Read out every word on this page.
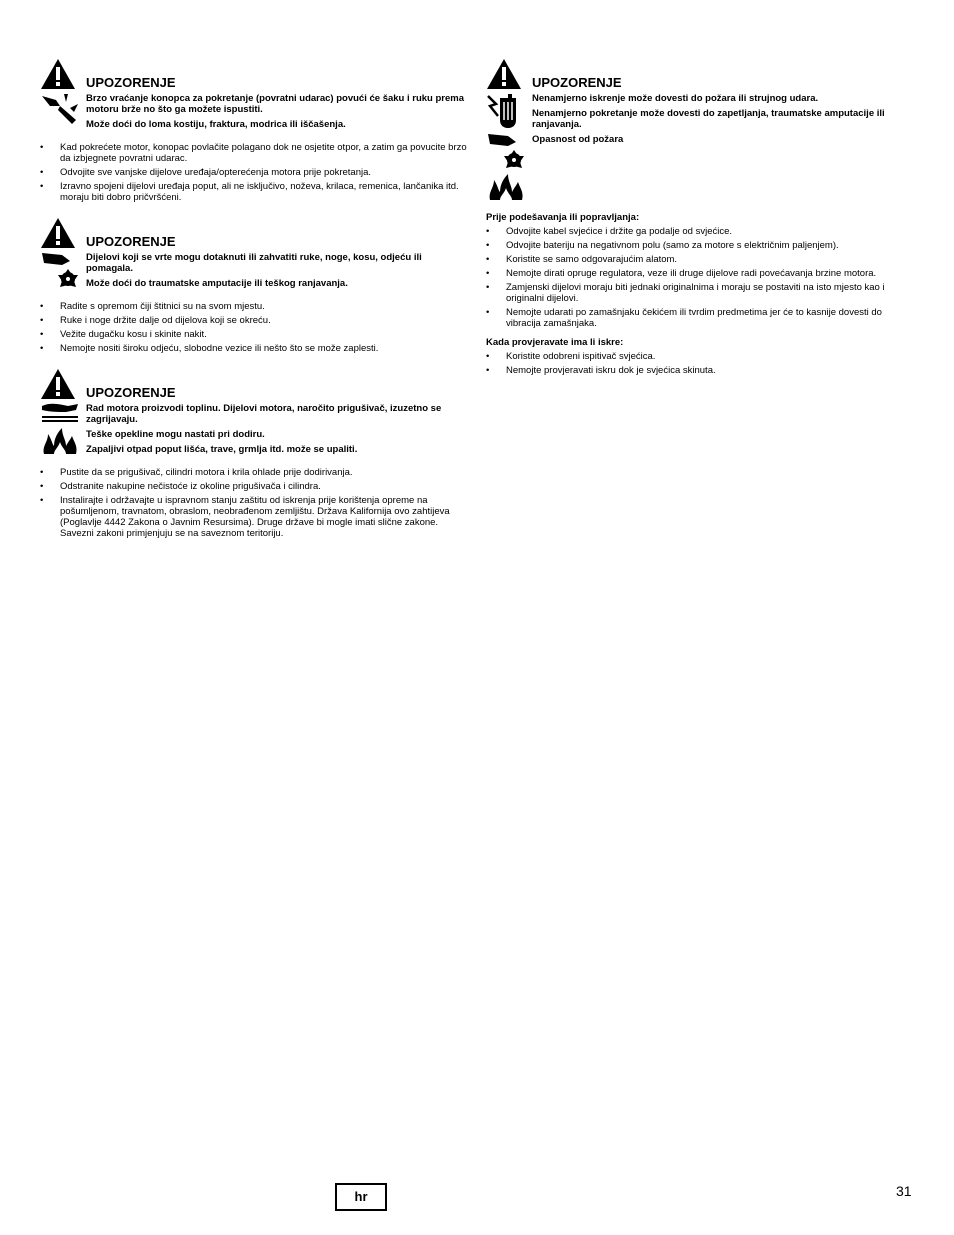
UPOZORENJE
Brzo vraćanje konopca za pokretanje (povratni udarac) povući će šaku i ruku prema motoru brže no što ga možete ispustiti.
Može doći do loma kostiju, fraktura, modrica ili iščašenja.
• Kad pokrećete motor, konopac povlačite polagano dok ne osjetite otpor, a zatim ga povucite brzo da izbjegnete povratni udarac.
• Odvojite sve vanjske dijelove uređaja/opterećenja motora prije pokretanja.
• Izravno spojeni dijelovi uređaja poput, ali ne isključivo, noževa, krilaca, remenica, lančanika itd. moraju biti dobro pričvršćeni.
UPOZORENJE
Dijelovi koji se vrte mogu dotaknuti ili zahvatiti ruke, noge, kosu, odjeću ili pomagala.
Može doći do traumatske amputacije ili teškog ranjavanja.
• Radite s opremom čiji štitnici su na svom mjestu.
• Ruke i noge držite dalje od dijelova koji se okreću.
• Vežite dugačku kosu i skinite nakit.
• Nemojte nositi široku odjeću, slobodne vezice ili nešto što se može zaplesti.
UPOZORENJE
Rad motora proizvodi toplinu. Dijelovi motora, naročito prigušivač, izuzetno se zagrijavaju.
Teške opekline mogu nastati pri dodiru.
Zapaljivi otpad poput lišća, trave, grmlja itd. može se upaliti.
• Pustite da se prigušivač, cilindri motora i krila ohlade prije dodirivanja.
• Odstranite nakupine nečistoće iz okoline prigušivača i cilindra.
• Instalirajte i održavajte u ispravnom stanju zaštitu od iskrenja prije korištenja opreme na pošumljenom, travnatom, obraslom, neobrađenom zemljištu. Država Kalifornija ovo zahtijeva (Poglavlje 4442 Zakona o Javnim Resursima). Druge države bi mogle imati slične zakone. Savezni zakoni primjenjuju se na saveznom teritoriju.
UPOZORENJE
Nenamjerno iskrenje može dovesti do požara ili strujnog udara.
Nenamjerno pokretanje može dovesti do zapetljanja, traumatske amputacije ili ranjavanja.
Opasnost od požara
Prije podešavanja ili popravljanja:
• Odvojite kabel svjećice i držite ga podalje od svjećice.
• Odvojite bateriju na negativnom polu (samo za motore s električnim paljenjem).
• Koristite se samo odgovarajućim alatom.
• Nemojte dirati opruge regulatora, veze ili druge dijelove radi povećavanja brzine motora.
• Zamjenski dijelovi moraju biti jednaki originalnima i moraju se postaviti na isto mjesto kao i originalni dijelovi.
• Nemojte udarati po zamašnjaku čekićem ili tvrdim predmetima jer će to kasnije dovesti do vibracija zamašnjaka.
Kada provjeravate ima li iskre:
• Koristite odobreni ispitivač svjećica.
• Nemojte provjeravati iskru dok je svjećica skinuta.
hr	31
